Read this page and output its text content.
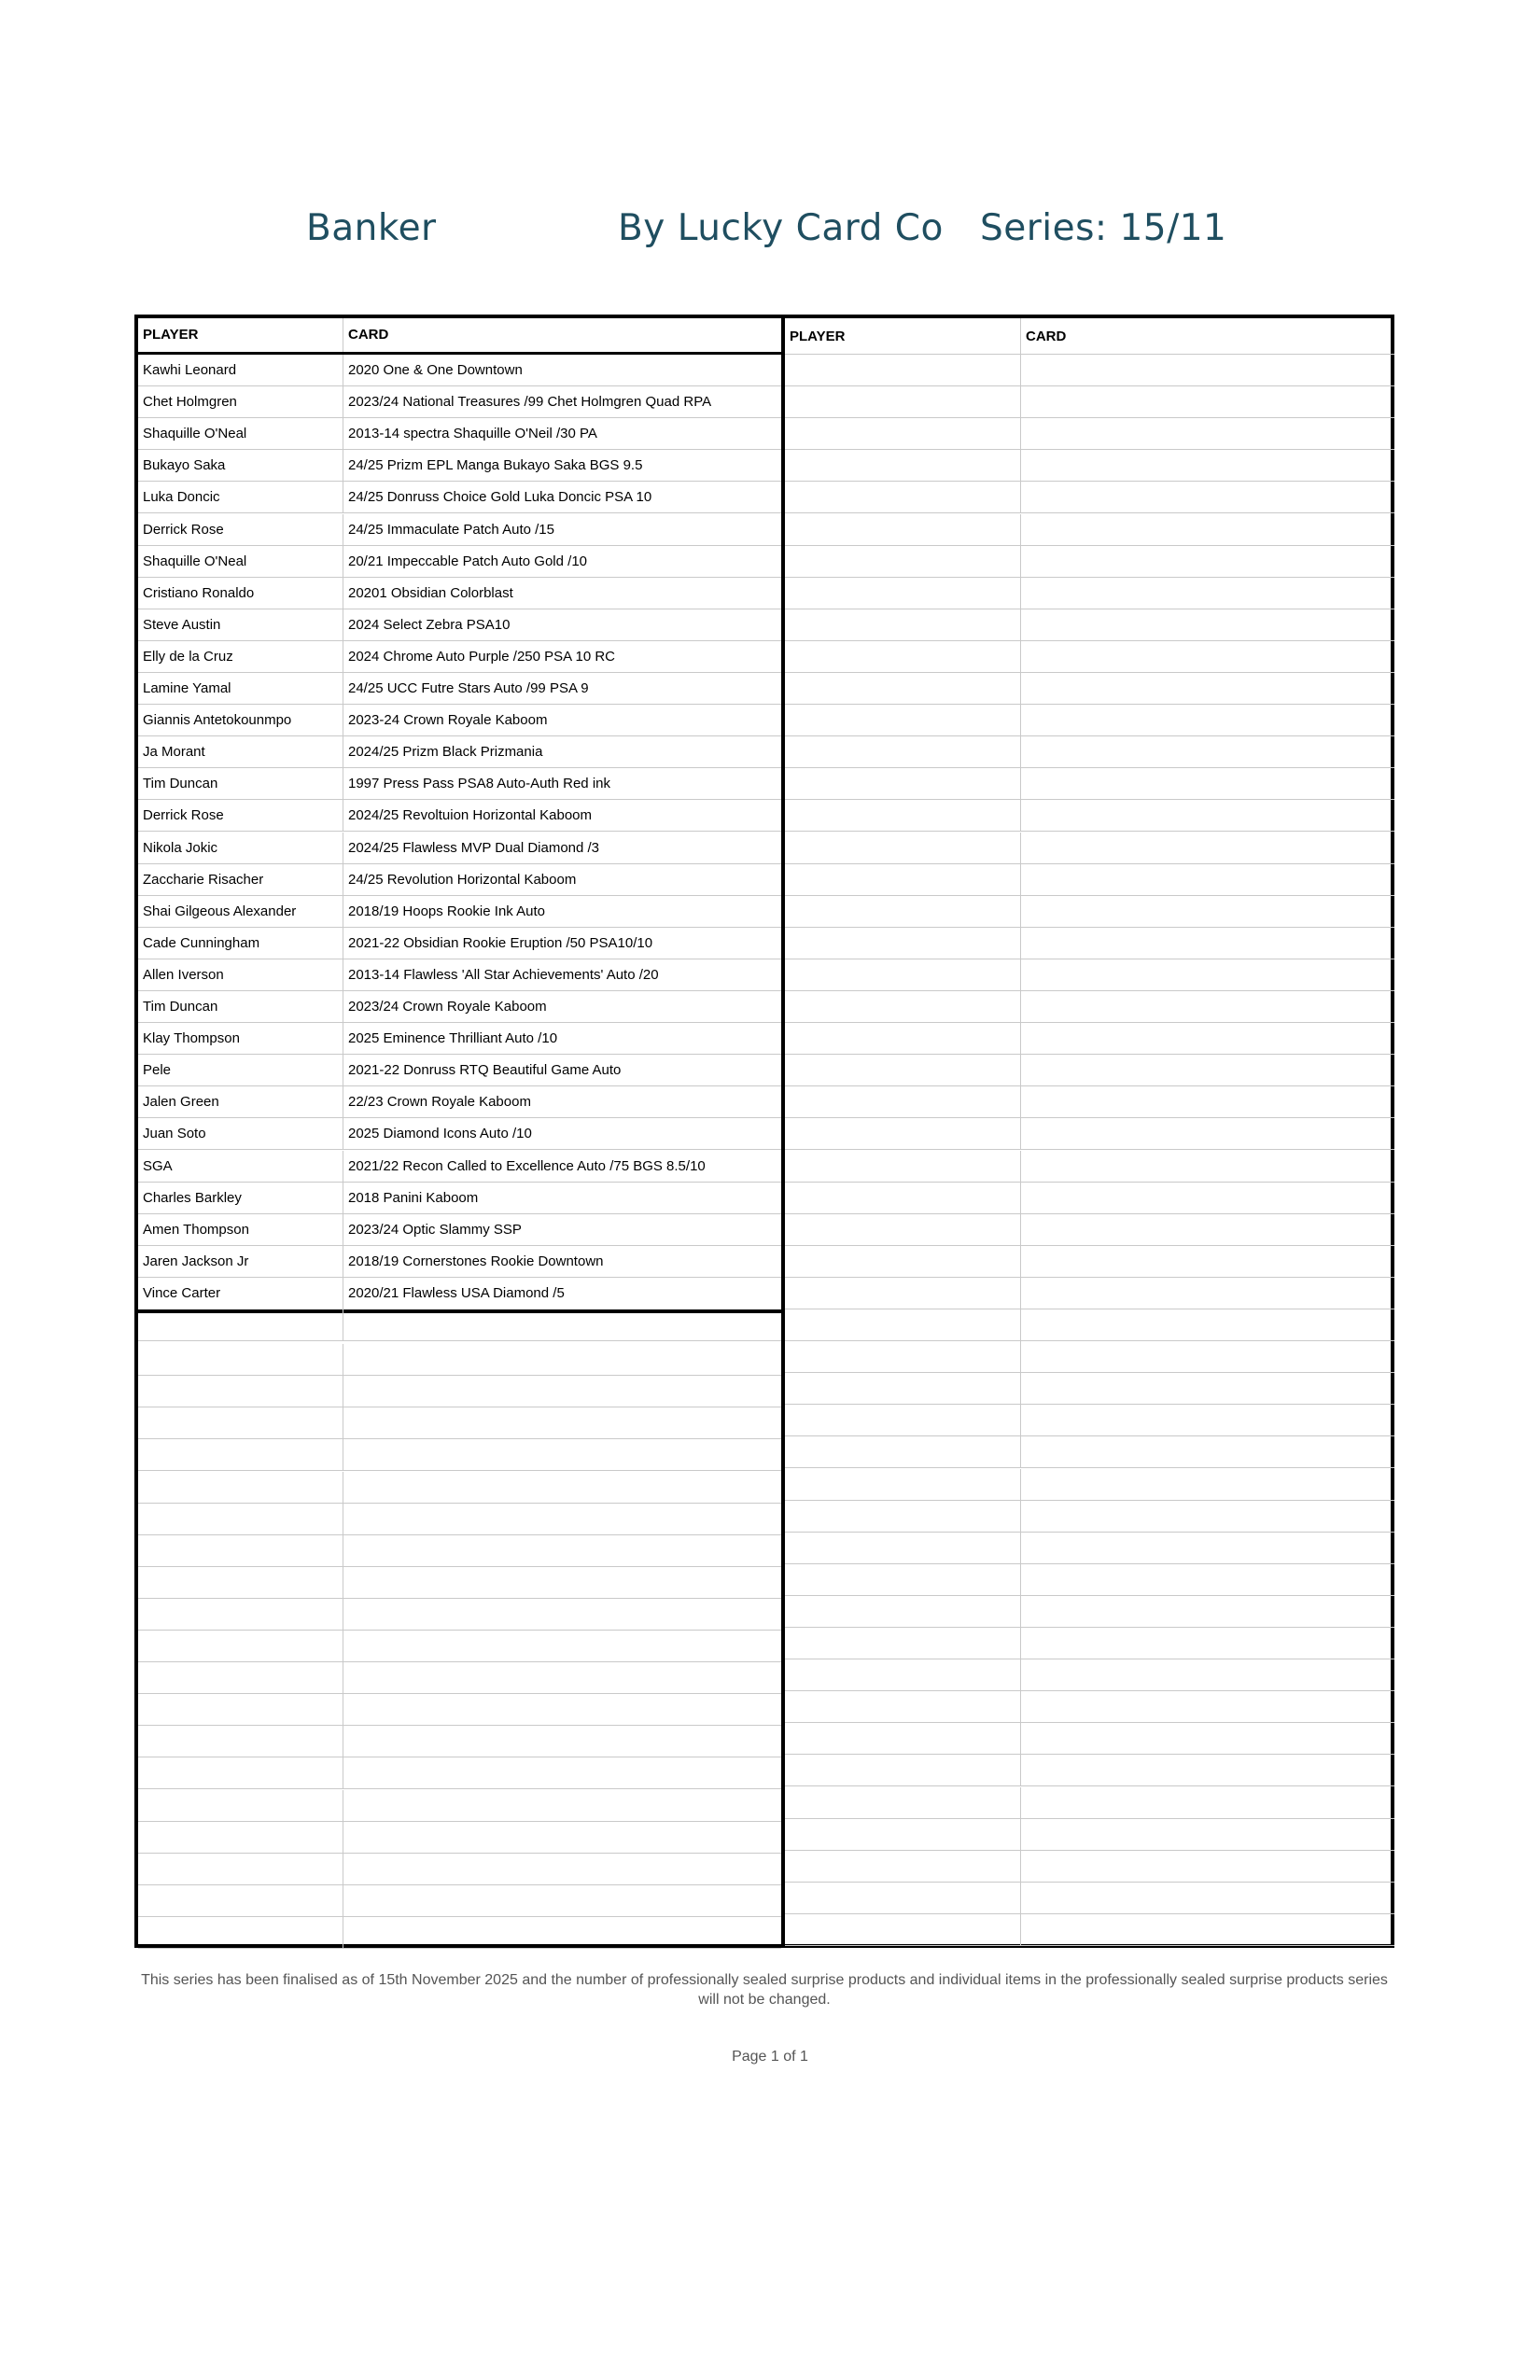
Banker	By Lucky Card Co Series: 15/11
PLAYER	CARD	PLAYER	CARD
Kawhi Leonard	2020 One & One Downtown
Chet Holmgren	2023/24 National Treasures /99 Chet Holmgren Quad RPA
Shaquille O'Neal	2013-14 spectra Shaquille O'Neil /30 PA
Bukayo Saka	24/25 Prizm EPL Manga Bukayo Saka BGS 9.5
Luka Doncic	24/25 Donruss Choice Gold Luka Doncic PSA 10
Derrick Rose	24/25 Immaculate Patch Auto /15
Shaquille O'Neal	20/21 Impeccable Patch Auto Gold /10
Cristiano Ronaldo	20201 Obsidian Colorblast
Steve Austin	2024 Select Zebra PSA10
Elly de la Cruz	2024 Chrome Auto Purple /250 PSA 10 RC
Lamine Yamal	24/25 UCC Futre Stars Auto /99 PSA 9
Giannis Antetokounmpo	2023-24 Crown Royale Kaboom
Ja Morant	2024/25 Prizm Black Prizmania
Tim Duncan	1997 Press Pass PSA8 Auto-Auth Red ink
Derrick Rose	2024/25 Revoltuion Horizontal Kaboom
Nikola Jokic	2024/25 Flawless MVP Dual Diamond /3
Zaccharie Risacher	24/25 Revolution Horizontal Kaboom
Shai Gilgeous Alexander	2018/19 Hoops Rookie Ink Auto
Cade Cunningham	2021-22 Obsidian Rookie Eruption /50 PSA10/10
Allen Iverson	2013-14 Flawless 'All Star Achievements' Auto /20
Tim Duncan	2023/24 Crown Royale Kaboom
Klay Thompson	2025 Eminence Thrilliant Auto /10
Pele	2021-22 Donruss RTQ Beautiful Game Auto
Jalen Green	22/23 Crown Royale Kaboom
Juan Soto	2025 Diamond Icons Auto /10
SGA	2021/22 Recon Called to Excellence Auto /75 BGS 8.5/10
Charles Barkley	2018 Panini Kaboom
Amen Thompson	2023/24 Optic Slammy SSP
Jaren Jackson Jr	2018/19 Cornerstones Rookie Downtown
Vince Carter	2020/21 Flawless USA Diamond /5
This series has been finalised as of 15th November 2025 and the number of professionally sealed surprise products and individual items in the professionally sealed surprise products series will not be changed.
Page 1 of 1
